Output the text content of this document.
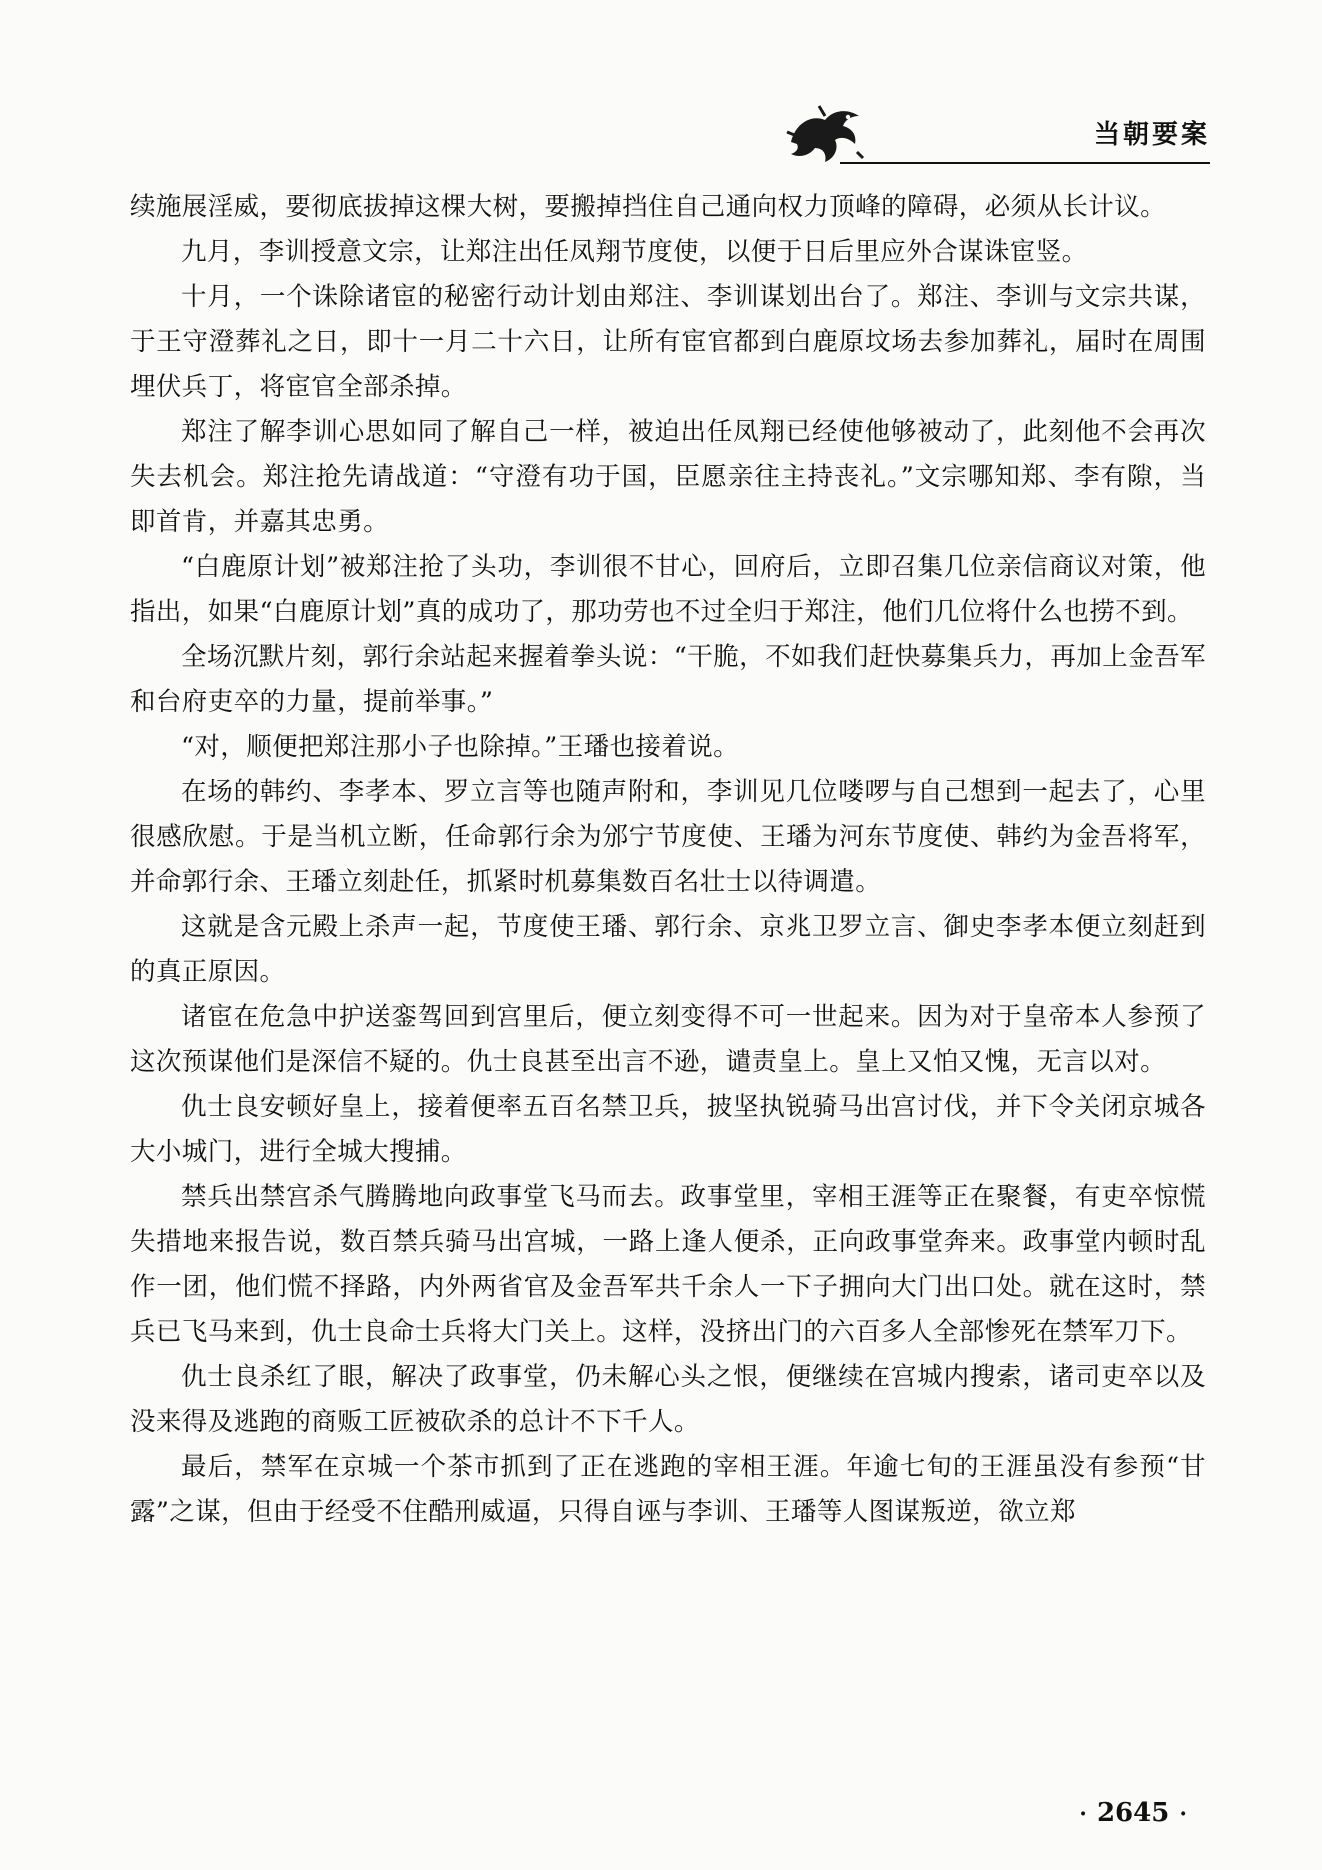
当朝要案

续施展淫威，要彻底拔掉这棵大树，要搬掉挡住自己通向权力顶峰的障碍，必须从长计议。

九月，李训授意文宗，让郑注出任凤翔节度使，以便于日后里应外合谋诛宦竖。

十月，一个诛除诸宦的秘密行动计划由郑注、李训谋划出台了。郑注、李训与文宗共谋，于王守澄葬礼之日，即十一月二十六日，让所有宦官都到白鹿原坟场去参加葬礼，届时在周围埋伏兵丁，将宦官全部杀掉。

郑注了解李训心思如同了解自己一样，被迫出任凤翔已经使他够被动了，此刻他不会再次失去机会。郑注抢先请战道：“守澄有功于国，臣愿亲往主持丧礼。”文宗哪知郑、李有隙，当即首肯，并嘉其忠勇。

“白鹿原计划”被郑注抢了头功，李训很不甘心，回府后，立即召集几位亲信商议对策，他指出，如果“白鹿原计划”真的成功了，那功劳也不过全归于郑注，他们几位将什么也捞不到。

全场沉默片刻，郭行余站起来握着拳头说：“干脆，不如我们赶快募集兵力，再加上金吾军和台府吏卒的力量，提前举事。”

“对，顺便把郑注那小子也除掉。”王璠也接着说。

在场的韩约、李孝本、罗立言等也随声附和，李训见几位喽啰与自己想到一起去了，心里很感欣慰。于是当机立断，任命郭行余为邠宁节度使、王璠为河东节度使、韩约为金吾将军，并命郭行余、王璠立刻赴任，抓紧时机募集数百名壮士以待调遣。

这就是含元殿上杀声一起，节度使王璠、郭行余、京兆卫罗立言、御史李孝本便立刻赶到的真正原因。

诸宦在危急中护送銮驾回到宫里后，便立刻变得不可一世起来。因为对于皇帝本人参预了这次预谋他们是深信不疑的。仇士良甚至出言不逊，谴责皇上。皇上又怕又愧，无言以对。

仇士良安顿好皇上，接着便率五百名禁卫兵，披坚执锐骑马出宫讨伐，并下令关闭京城各大小城门，进行全城大搜捕。

禁兵出禁宫杀气腾腾地向政事堂飞马而去。政事堂里，宰相王涯等正在聚餐，有吏卒惊慌失措地来报告说，数百禁兵骑马出宫城，一路上逢人便杀，正向政事堂奔来。政事堂内顿时乱作一团，他们慌不择路，内外两省官及金吾军共千余人一下子拥向大门出口处。就在这时，禁兵已飞马来到，仇士良命士兵将大门关上。这样，没挤出门的六百多人全部惨死在禁军刀下。

仇士良杀红了眼，解决了政事堂，仍未解心头之恨，便继续在宫城内搜索，诸司吏卒以及没来得及逃跑的商贩工匠被砍杀的总计不下千人。

最后，禁军在京城一个茶市抓到了正在逃跑的宰相王涯。年逾七旬的王涯虽没有参预“甘露”之谋，但由于经受不住酷刑威逼，只得自诬与李训、王璠等人图谋叛逆，欲立郑

· 2645 ·
